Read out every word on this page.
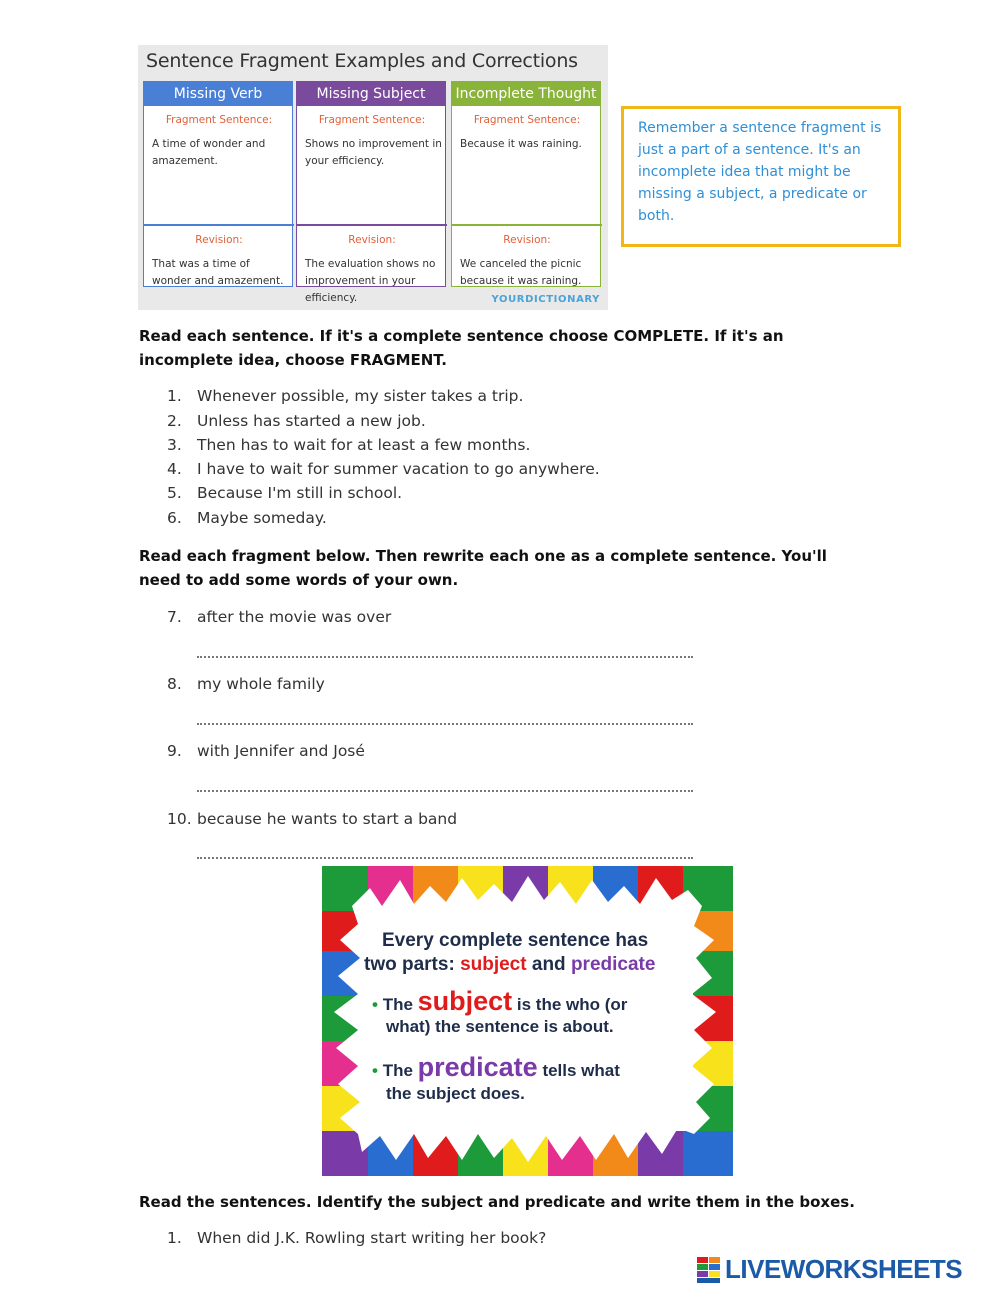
Sentence Fragment Examples and Corrections
Missing Verb
Fragment Sentence:
A time of wonder and amazement.
Revision:
That was a time of wonder and amazement.
Missing Subject
Fragment Sentence:
Shows no improvement in your efficiency.
Revision:
The evaluation shows no improvement in your efficiency.
Incomplete Thought
Fragment Sentence:
Because it was raining.
Revision:
We canceled the picnic because it was raining.
YOURDICTIONARY
Remember a sentence fragment is just a part of a sentence. It's an incomplete idea that might be missing a subject, a predicate or both.
Read each sentence. If it's a complete sentence choose COMPLETE. If it's an incomplete idea, choose FRAGMENT.
1. Whenever possible, my sister takes a trip.
2. Unless has started a new job.
3. Then has to wait for at least a few months.
4. I have to wait for summer vacation to go anywhere.
5. Because I'm still in school.
6. Maybe someday.
Read each fragment below. Then rewrite each one as a complete sentence. You'll need to add some words of your own.
7. after the movie was over
8. my whole family
9. with Jennifer and José
10. because he wants to start a band
Every complete sentence has
two parts: subject and predicate
• The subject is the who (or
what) the sentence is about.
• The predicate tells what
the subject does.
Read the sentences. Identify the subject and predicate and write them in the boxes.
1. When did J.K. Rowling start writing her book?
LIVEWORKSHEETS
